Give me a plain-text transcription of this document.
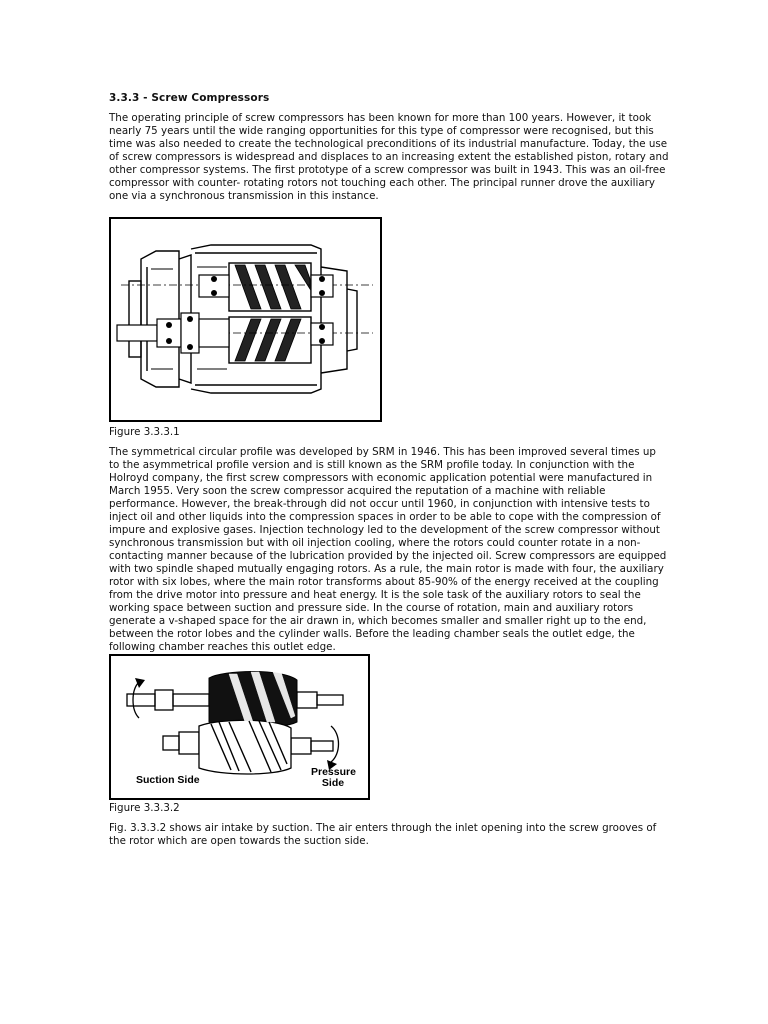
3.3.3 - Screw Compressors

The operating principle of screw compressors has been known for more than 100 years. However, it took nearly 75 years until the wide ranging opportunities for this type of compressor were recognised, but this time was also needed to create the technological preconditions of its industrial manufacture. Today, the use of screw compressors is widespread and displaces to an increasing extent the established piston, rotary and other compressor systems. The first prototype of a screw compressor was built in 1943. This was an oil-free compressor with counter- rotating rotors not touching each other. The principal runner drove the auxiliary one via a synchronous transmission in this instance.

Figure 3.3.3.1

The symmetrical circular profile was developed by SRM in 1946. This has been improved several times up to the asymmetrical profile version and is still known as the SRM profile today. In conjunction with the Holroyd company, the first screw compressors with economic application potential were manufactured in March 1955. Very soon the screw compressor acquired the reputation of a machine with reliable performance. However, the break-through did not occur until 1960, in conjunction with intensive tests to inject oil and other liquids into the compression spaces in order to be able to cope with the compression of impure and explosive gases. Injection technology led to the development of the screw compressor without synchronous transmission but with oil injection cooling, where the rotors could counter rotate in a non-contacting manner because of the lubrication provided by the injected oil. Screw compressors are equipped with two spindle shaped mutually engaging rotors. As a rule, the main rotor is made with four, the auxiliary rotor with six lobes, where the main rotor transforms about 85-90% of the energy received at the coupling from the drive motor into pressure and heat energy. It is the sole task of the auxiliary rotors to seal the working space between suction and pressure side. In the course of rotation, main and auxiliary rotors generate a v-shaped space for the air drawn in, which becomes smaller and smaller right up to the end, between the rotor lobes and the cylinder walls. Before the leading chamber seals the outlet edge, the following chamber reaches this outlet edge.

Suction Side
Pressure
Side
Figure 3.3.3.2

Fig. 3.3.3.2 shows air intake by suction. The air enters through the inlet opening into the screw grooves of the rotor which are open towards the suction side.
